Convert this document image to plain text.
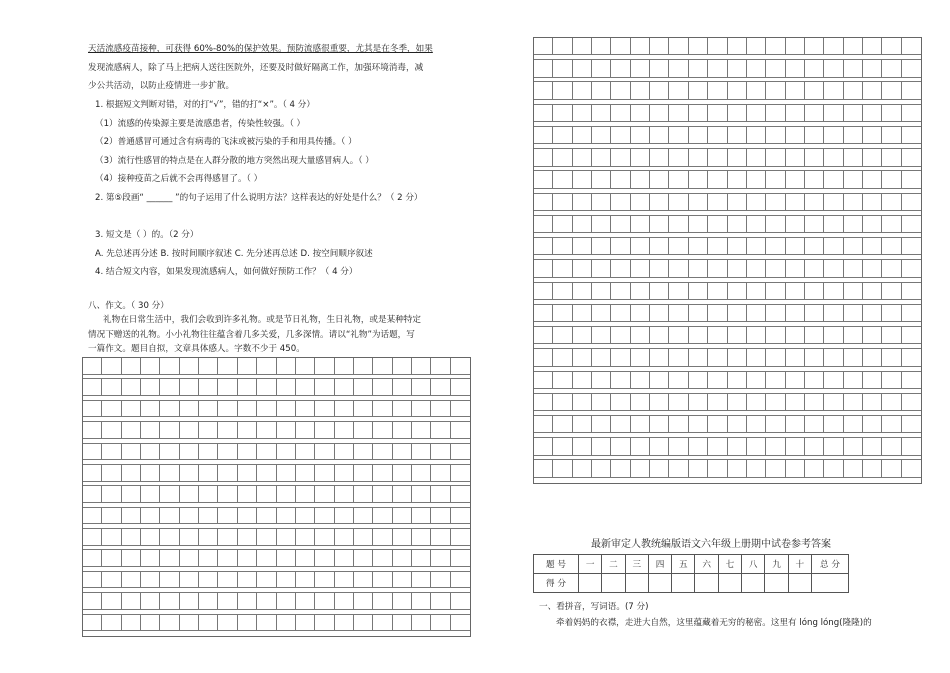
天活流感疫苗接种，可获得 60%-80%的保护效果。预防流感很重要，尤其是在冬季，如果
发现流感病人，除了马上把病人送往医院外，还要及时做好隔离工作，加强环境消毒，减
少公共活动，以防止疫情进一步扩散。
1. 根据短文判断对错，对的打“√”，错的打“×”。（ 4 分）
（1）流感的传染源主要是流感患者，传染性较强。（ ）
（2）普通感冒可通过含有病毒的飞沫或被污染的手和用具传播。（ ）
（3）流行性感冒的特点是在人群分散的地方突然出现大量感冒病人。（ ）
（4）接种疫苗之后就不会再得感冒了。（ ）
2. 第⑤段画“ ______ ”的句子运用了什么说明方法？这样表达的好处是什么？（ 2 分）
3. 短文是（ ）的。（2 分）
A. 先总述再分述 B. 按时间顺序叙述 C. 先分述再总述 D. 按空间顺序叙述
4. 结合短文内容，如果发现流感病人，如何做好预防工作？（ 4 分）
八、作文。（ 30 分）
礼物在日常生活中，我们会收到许多礼物。或是节日礼物，生日礼物，或是某种特定
情况下赠送的礼物。小小礼物往往蕴含着几多关爱，几多深情。请以“礼物”为话题，写
一篇作文。题目自拟，文章具体感人。字数不少于 450。
最新审定人教统编版语文六年级上册期中试卷参考答案
题 号	一	二	三	四	五	六	七	八	九	十	总 分
得 分											
一、看拼音，写词语。(7 分)
牵着妈妈的衣襟，走进大自然，这里蕴藏着无穷的秘密。这里有 lóng lóng(隆隆)的
